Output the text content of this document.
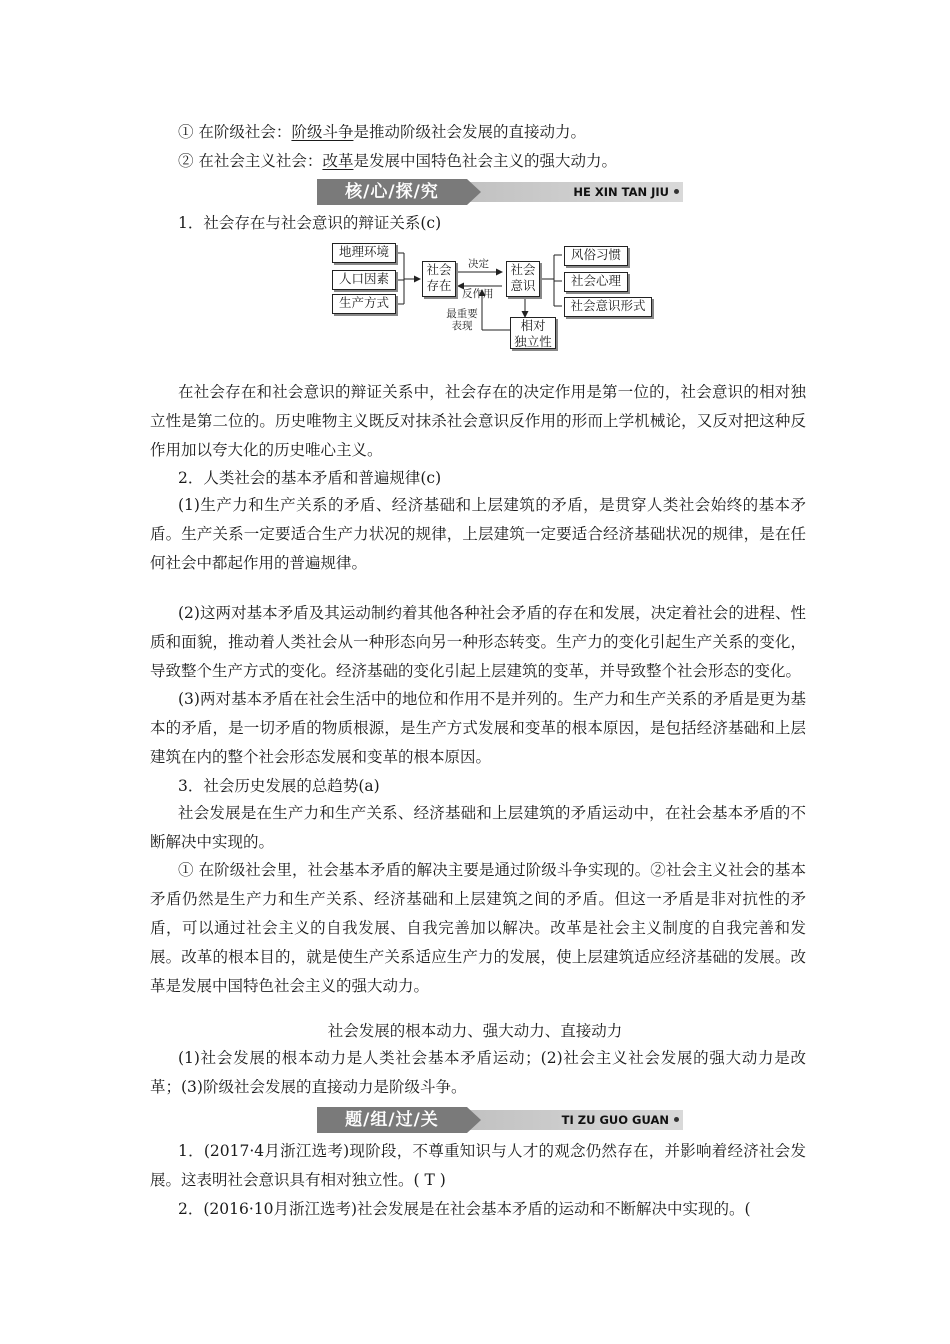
① 在阶级社会：阶级斗争是推动阶级社会发展的直接动力。
② 在社会主义社会：改革是发展中国特色社会主义的强大动力。
核/心/探/究	HE XIN TAN JIU
1．社会存在与社会意识的辩证关系(c)
地理环境
人口因素
生产方式
社会
存在
决定
反作用
社会
意识
最重要
表现	相对
独立性
风俗习惯
社会心理
社会意识形式
在社会存在和社会意识的辩证关系中，社会存在的决定作用是第一位的，社会意识的相对独立性是第二位的。历史唯物主义既反对抹杀社会意识反作用的形而上学机械论，又反对把这种反作用加以夸大化的历史唯心主义。
2．人类社会的基本矛盾和普遍规律(c)
(1)生产力和生产关系的矛盾、经济基础和上层建筑的矛盾，是贯穿人类社会始终的基本矛盾。生产关系一定要适合生产力状况的规律，上层建筑一定要适合经济基础状况的规律，是在任何社会中都起作用的普遍规律。
(2)这两对基本矛盾及其运动制约着其他各种社会矛盾的存在和发展，决定着社会的进程、性质和面貌，推动着人类社会从一种形态向另一种形态转变。生产力的变化引起生产关系的变化，导致整个生产方式的变化。经济基础的变化引起上层建筑的变革，并导致整个社会形态的变化。
(3)两对基本矛盾在社会生活中的地位和作用不是并列的。生产力和生产关系的矛盾是更为基本的矛盾，是一切矛盾的物质根源，是生产方式发展和变革的根本原因，是包括经济基础和上层建筑在内的整个社会形态发展和变革的根本原因。
3．社会历史发展的总趋势(a)
社会发展是在生产力和生产关系、经济基础和上层建筑的矛盾运动中，在社会基本矛盾的不断解决中实现的。
① 在阶级社会里，社会基本矛盾的解决主要是通过阶级斗争实现的。②社会主义社会的基本矛盾仍然是生产力和生产关系、经济基础和上层建筑之间的矛盾。但这一矛盾是非对抗性的矛盾，可以通过社会主义的自我发展、自我完善加以解决。改革是社会主义制度的自我完善和发展。改革的根本目的，就是使生产关系适应生产力的发展，使上层建筑适应经济基础的发展。改革是发展中国特色社会主义的强大动力。
社会发展的根本动力、强大动力、直接动力
(1)社会发展的根本动力是人类社会基本矛盾运动；(2)社会主义社会发展的强大动力是改革；(3)阶级社会发展的直接动力是阶级斗争。
题/组/过/关	TI ZU GUO GUAN
1．(2017·4月浙江选考)现阶段，不尊重知识与人才的观念仍然存在，并影响着经济社会发展。这表明社会意识具有相对独立性。( T )
2．(2016·10月浙江选考)社会发展是在社会基本矛盾的运动和不断解决中实现的。(
